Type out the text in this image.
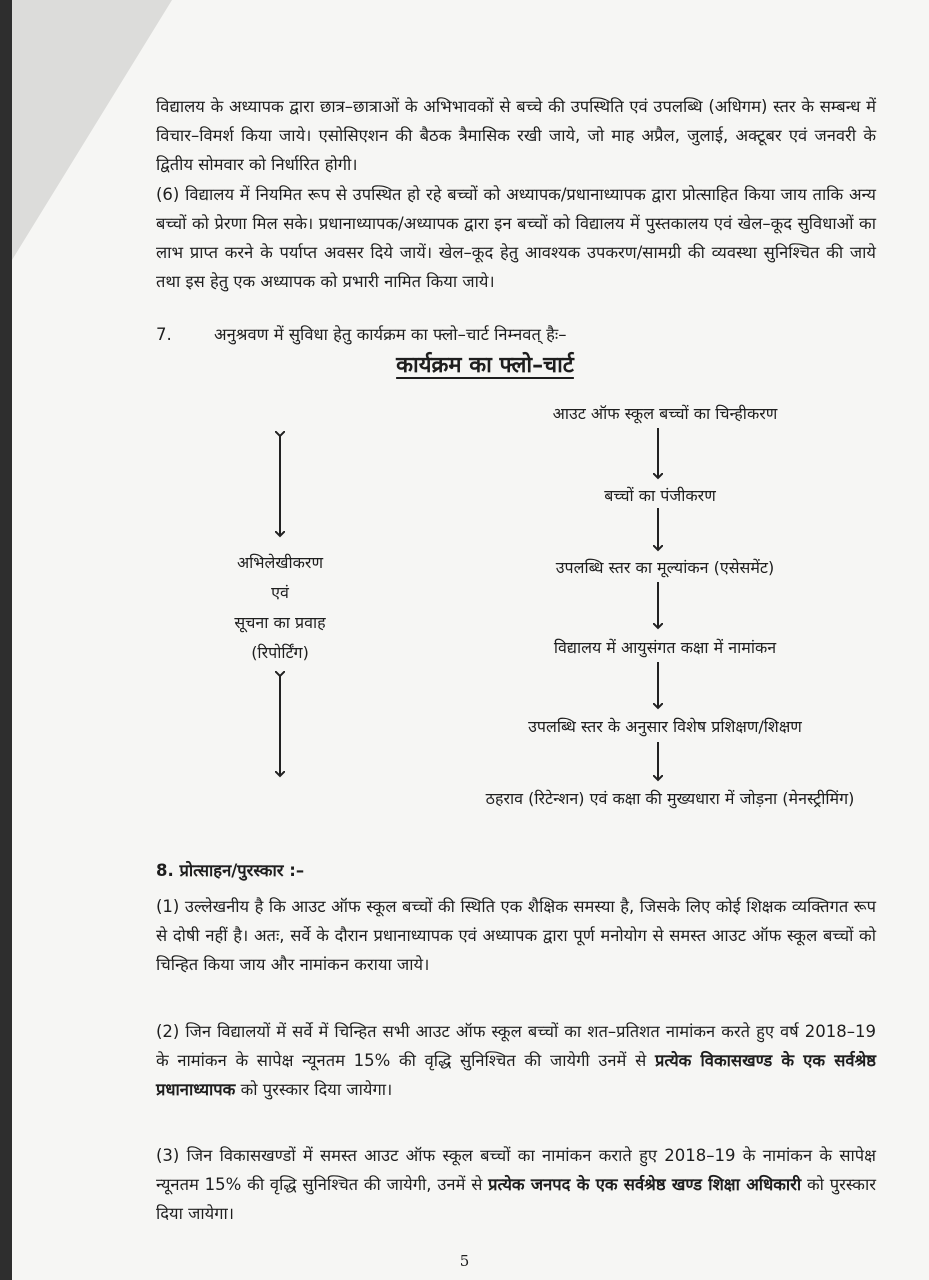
विद्यालय के अध्यापक द्वारा छात्र–छात्राओं के अभिभावकों से बच्चे की उपस्थिति एवं उपलब्धि (अधिगम) स्तर के सम्बन्ध में विचार–विमर्श किया जाये। एसोसिएशन की बैठक त्रैमासिक रखी जाये, जो माह अप्रैल, जुलाई, अक्टूबर एवं जनवरी के द्वितीय सोमवार को निर्धारित होगी।

(6) विद्यालय में नियमित रूप से उपस्थित हो रहे बच्चों को अध्यापक/प्रधानाध्यापक द्वारा प्रोत्साहित किया जाय ताकि अन्य बच्चों को प्रेरणा मिल सके। प्रधानाध्यापक/अध्यापक द्वारा इन बच्चों को विद्यालय में पुस्तकालय एवं खेल–कूद सुविधाओं का लाभ प्राप्त करने के पर्याप्त अवसर दिये जायें। खेल–कूद हेतु आवश्यक उपकरण/सामग्री की व्यवस्था सुनिश्चित की जाये तथा इस हेतु एक अध्यापक को प्रभारी नामित किया जाये।

7.	अनुश्रवण में सुविधा हेतु कार्यक्रम का फ्लो–चार्ट निम्नवत् हैः–
कार्यक्रम का फ्लो–चार्ट
आउट ऑफ स्कूल बच्चों का चिन्हीकरण
बच्चों का पंजीकरण
उपलब्धि स्तर का मूल्यांकन (एसेसमेंट)
विद्यालय में आयुसंगत कक्षा में नामांकन
उपलब्धि स्तर के अनुसार विशेष प्रशिक्षण/शिक्षण
ठहराव (रिटेन्शन) एवं कक्षा की मुख्यधारा में जोड़ना (मेनस्ट्रीमिंग)
अभिलेखीकरण
एवं
सूचना का प्रवाह
(रिपोर्टिंग)
8. प्रोत्साहन/पुरस्कार :–

(1) उल्लेखनीय है कि आउट ऑफ स्कूल बच्चों की स्थिति एक शैक्षिक समस्या है, जिसके लिए कोई शिक्षक व्यक्तिगत रूप से दोषी नहीं है। अतः, सर्वे के दौरान प्रधानाध्यापक एवं अध्यापक द्वारा पूर्ण मनोयोग से समस्त आउट ऑफ स्कूल बच्चों को चिन्हित किया जाय और नामांकन कराया जाये।

(2) जिन विद्यालयों में सर्वे में चिन्हित सभी आउट ऑफ स्कूल बच्चों का शत–प्रतिशत नामांकन करते हुए वर्ष 2018–19 के नामांकन के सापेक्ष न्यूनतम 15% की वृद्धि सुनिश्चित की जायेगी उनमें से प्रत्येक विकासखण्ड के एक सर्वश्रेष्ठ प्रधानाध्यापक को पुरस्कार दिया जायेगा।

(3) जिन विकासखण्डों में समस्त आउट ऑफ स्कूल बच्चों का नामांकन कराते हुए 2018–19 के नामांकन के सापेक्ष न्यूनतम 15% की वृद्धि सुनिश्चित की जायेगी, उनमें से प्रत्येक जनपद के एक सर्वश्रेष्ठ खण्ड शिक्षा अधिकारी को पुरस्कार दिया जायेगा।

5
